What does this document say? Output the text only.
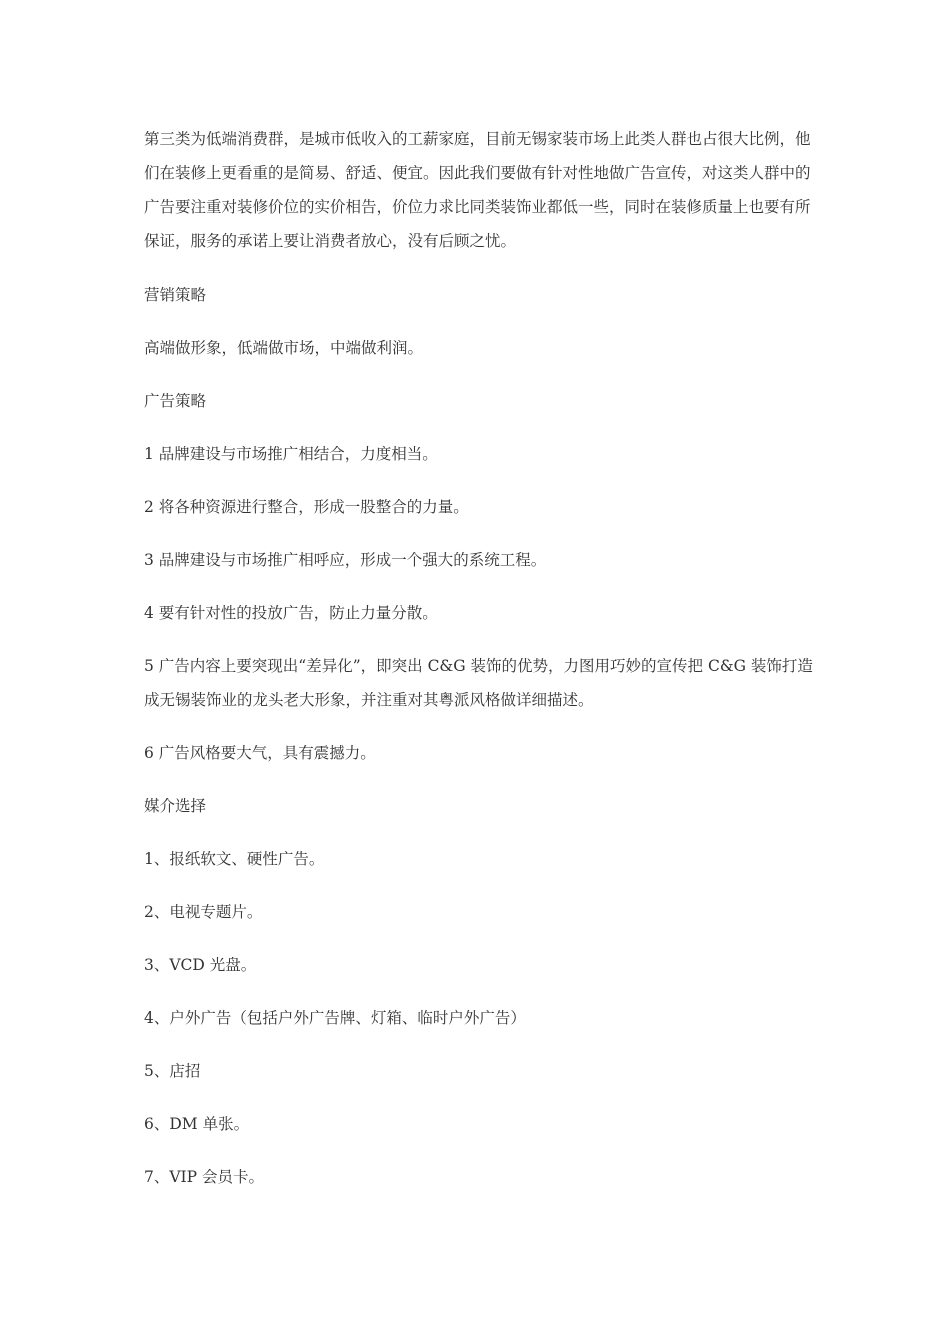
第三类为低端消费群，是城市低收入的工薪家庭，目前无锡家装市场上此类人群也占很大比例，他们在装修上更看重的是简易、舒适、便宜。因此我们要做有针对性地做广告宣传，对这类人群中的广告要注重对装修价位的实价相告，价位力求比同类装饰业都低一些，同时在装修质量上也要有所保证，服务的承诺上要让消费者放心，没有后顾之忧。

营销策略

高端做形象，低端做市场，中端做利润。

广告策略

1 品牌建设与市场推广相结合，力度相当。

2 将各种资源进行整合，形成一股整合的力量。

3 品牌建设与市场推广相呼应，形成一个强大的系统工程。

4 要有针对性的投放广告，防止力量分散。

5 广告内容上要突现出“差异化”，即突出 C&G 装饰的优势，力图用巧妙的宣传把 C&G 装饰打造成无锡装饰业的龙头老大形象，并注重对其粤派风格做详细描述。

6 广告风格要大气，具有震撼力。

媒介选择

1、报纸软文、硬性广告。

2、电视专题片。

3、VCD 光盘。

4、户外广告（包括户外广告牌、灯箱、临时户外广告）

5、店招

6、DM 单张。

7、VIP 会员卡。
